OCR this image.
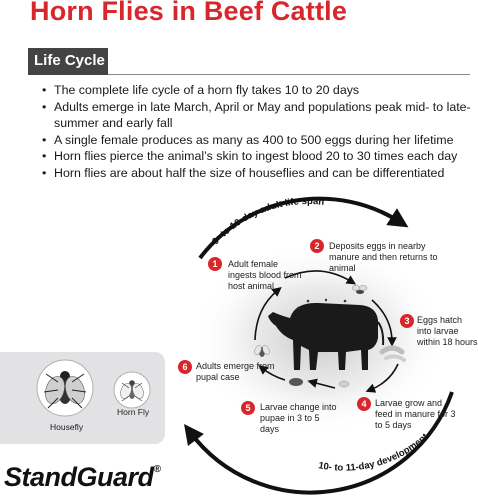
Horn Flies in Beef Cattle
Life Cycle
• The complete life cycle of a horn fly takes 10 to 20 days
• Adults emerge in late March, April or May and populations peak mid- to late-summer and early fall
• A single female produces as many as 400 to 500 eggs during her lifetime
• Horn flies pierce the animal’s skin to ingest blood 20 to 30 times each day
• Horn flies are about half the size of houseflies and can be differentiated
Housefly
Horn Fly
9- to 10-day adult life span
10- to 11-day development
1	Adult female ingests blood from host animal
2	Deposits eggs in nearby manure and then returns to animal
3 Eggs hatch into larvae within 18 hours
4 Larvae grow and feed in manure for 3 to 5 days
5	Larvae change into pupae in 3 to 5 days
6 Adults emerge from pupal case
StandGuard®
